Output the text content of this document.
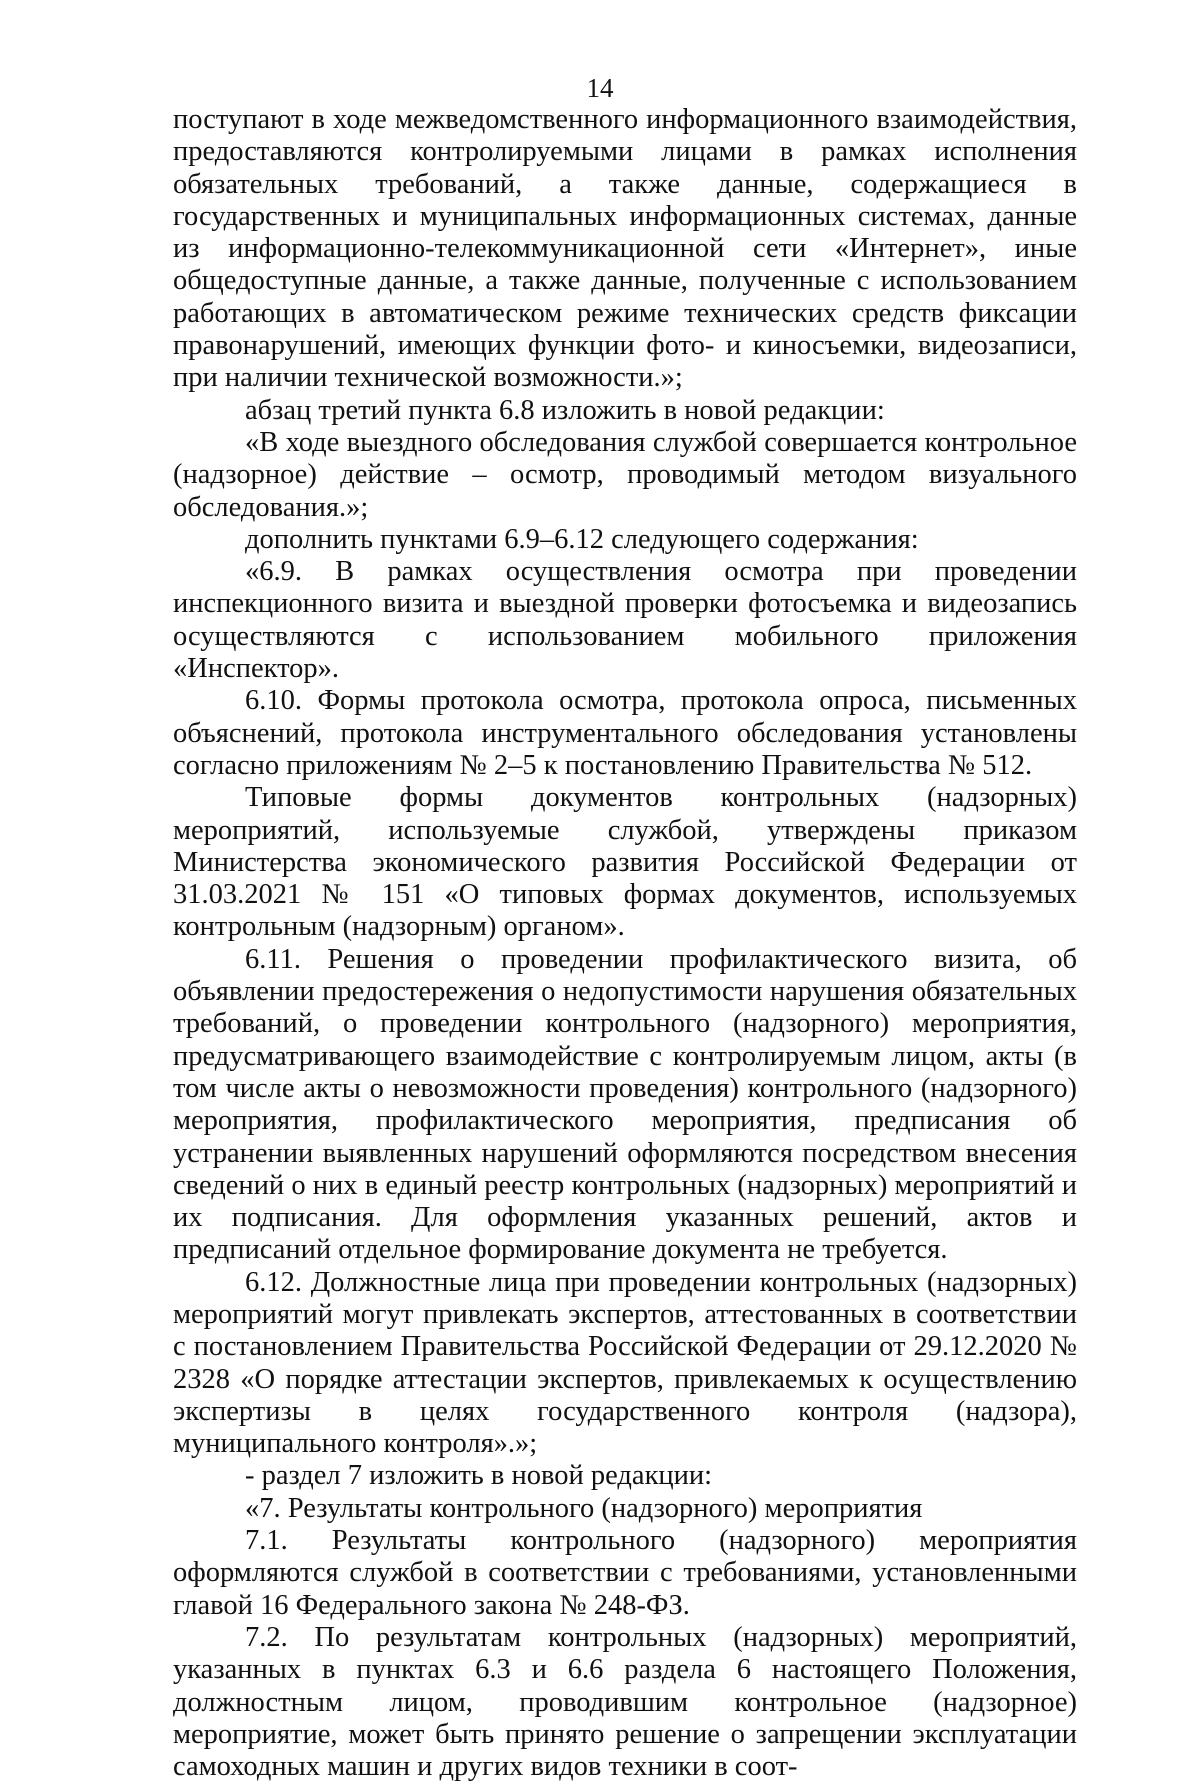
14

поступают в ходе межведомственного информационного взаимодействия, предоставляются контролируемыми лицами в рамках исполнения обязательных требований, а также данные, содержащиеся в государственных и муниципальных информационных системах, данные из информационно-телекоммуникационной сети «Интернет», иные общедоступные данные, а также данные, полученные с использованием работающих в автоматическом режиме технических средств фиксации правонарушений, имеющих функции фото- и киносъемки, видеозаписи, при наличии технической возможности.»;

абзац третий пункта 6.8 изложить в новой редакции:

«В ходе выездного обследования службой совершается контрольное (надзорное) действие – осмотр, проводимый методом визуального обследования.»;

дополнить пунктами 6.9–6.12 следующего содержания:

«6.9. В рамках осуществления осмотра при проведении инспекционного визита и выездной проверки фотосъемка и видеозапись осуществляются с использованием мобильного приложения «Инспектор».

6.10. Формы протокола осмотра, протокола опроса, письменных объяснений, протокола инструментального обследования установлены согласно приложениям № 2–5 к постановлению Правительства № 512.

Типовые формы документов контрольных (надзорных) мероприятий, используемые службой, утверждены приказом Министерства экономического развития Российской Федерации от 31.03.2021 № 151 «О типовых формах документов, используемых контрольным (надзорным) органом».

6.11. Решения о проведении профилактического визита, об объявлении предостережения о недопустимости нарушения обязательных требований, о проведении контрольного (надзорного) мероприятия, предусматривающего взаимодействие с контролируемым лицом, акты (в том числе акты о невозможности проведения) контрольного (надзорного) мероприятия, профилактического мероприятия, предписания об устранении выявленных нарушений оформляются посредством внесения сведений о них в единый реестр контрольных (надзорных) мероприятий и их подписания. Для оформления указанных решений, актов и предписаний отдельное формирование документа не требуется.

6.12. Должностные лица при проведении контрольных (надзорных) мероприятий могут привлекать экспертов, аттестованных в соответствии с постановлением Правительства Российской Федерации от 29.12.2020 № 2328 «О порядке аттестации экспертов, привлекаемых к осуществлению экспертизы в целях государственного контроля (надзора), муниципального контроля».»;

- раздел 7 изложить в новой редакции:

«7. Результаты контрольного (надзорного) мероприятия

7.1. Результаты контрольного (надзорного) мероприятия оформляются службой в соответствии с требованиями, установленными главой 16 Федерального закона № 248-ФЗ.

7.2. По результатам контрольных (надзорных) мероприятий, указанных в пунктах 6.3 и 6.6 раздела 6 настоящего Положения, должностным лицом, проводившим контрольное (надзорное) мероприятие, может быть принято решение о запрещении эксплуатации самоходных машин и других видов техники в соот-
